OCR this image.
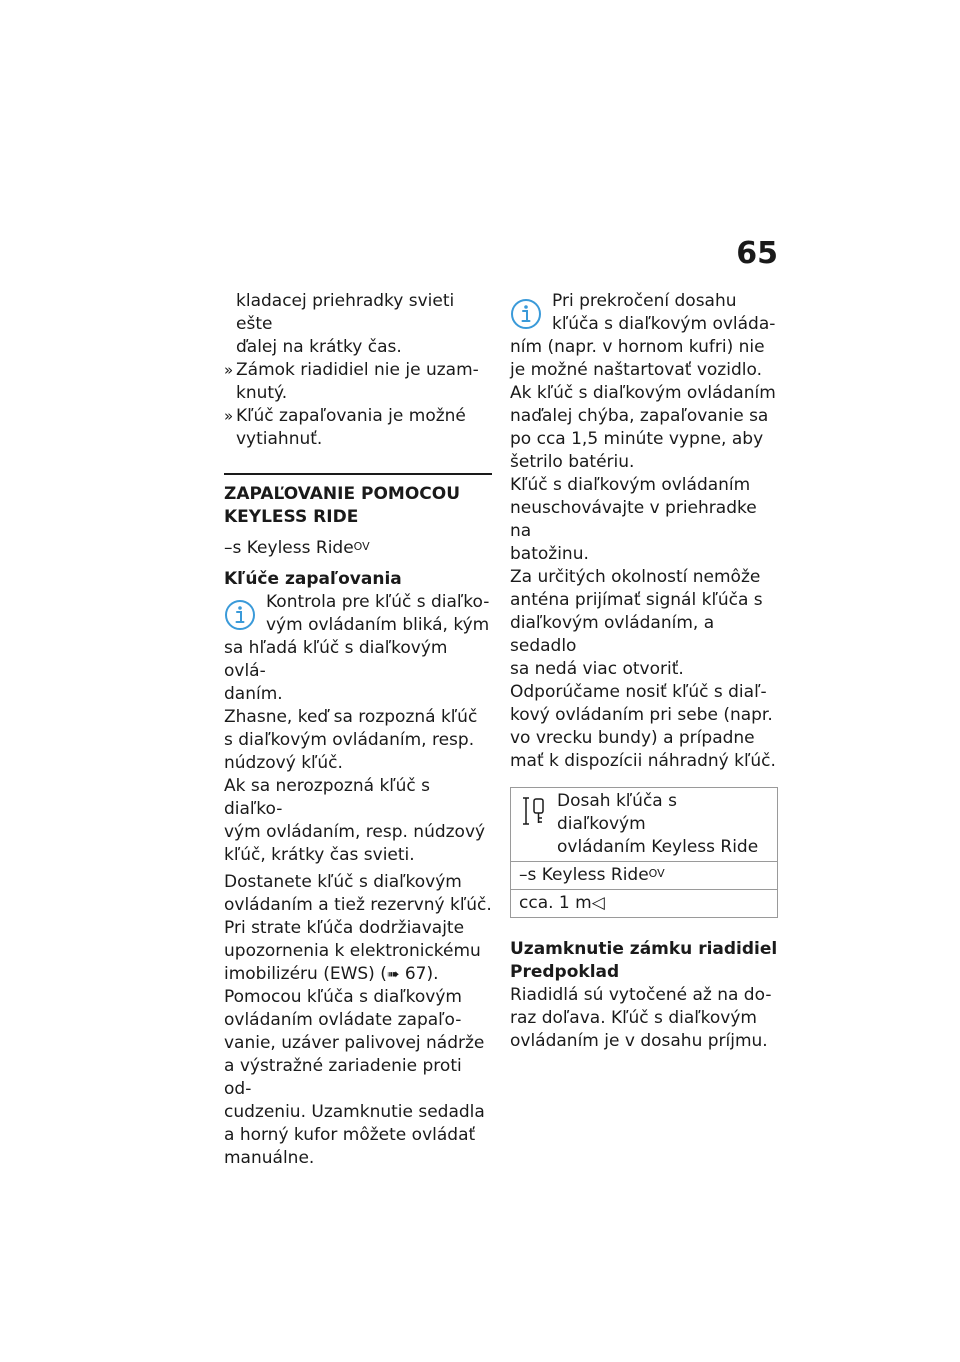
65
kladacej priehradky svieti ešte
ďalej na krátky čas.
» Zámok riadidiel nie je uzam-
knutý.
» Kľúč zapaľovania je možné
vytiahnuť.
ZAPAĽOVANIE POMOCOU
KEYLESS RIDE

–s Keyless Ride$^{OV}$

Kľúče zapaľovania
Kontrola pre kľúč s diaľko-
vým ovládaním bliká, kým
sa hľadá kľúč s diaľkovým ovlá-
daním.
Zhasne, keď sa rozpozná kľúč
s diaľkovým ovládaním, resp.
núdzový kľúč.
Ak sa nerozpozná kľúč s diaľko-
vým ovládaním, resp. núdzový
kľúč, krátky čas svieti.
Dostanete kľúč s diaľkovým
ovládaním a tiež rezervný kľúč.
Pri strate kľúča dodržiavajte
upozornenia k elektronickému
imobilizéru (EWS) (➠ 67).
Pomocou kľúča s diaľkovým
ovládaním ovládate zapaľo-
vanie, uzáver palivovej nádrže
a výstražné zariadenie proti od-
cudzeniu. Uzamknutie sedadla
a horný kufor môžete ovládať
manuálne.
Pri prekročení dosahu
kľúča s diaľkovým ovláda-
ním (napr. v hornom kufri) nie
je možné naštartovať vozidlo.
Ak kľúč s diaľkovým ovládaním
naďalej chýba, zapaľovanie sa
po cca 1,5 minúte vypne, aby
šetrilo batériu.
Kľúč s diaľkovým ovládaním
neuschovávajte v priehradke na
batožinu.
Za určitých okolností nemôže
anténa prijímať signál kľúča s
diaľkovým ovládaním, a sedadlo
sa nedá viac otvoriť.
Odporúčame nosiť kľúč s diaľ-
kový ovládaním pri sebe (napr.
vo vrecku bundy) a prípadne
mať k dispozícii náhradný kľúč.
Dosah kľúča s diaľkovým
ovládaním Keyless Ride

–s Keyless Ride$^{OV}$
cca. 1 m◁
Uzamknutie zámku riadidiel
Predpoklad
Riadidlá sú vytočené až na do-
raz doľava. Kľúč s diaľkovým
ovládaním je v dosahu príjmu.
